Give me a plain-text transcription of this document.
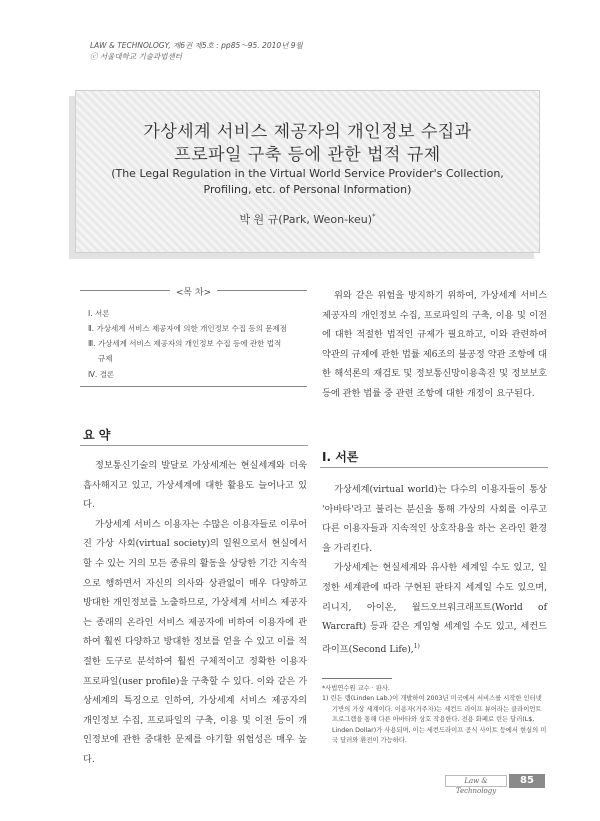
LAW & TECHNOLOGY, 제6권 제5호 : pp85～95. 2010년 9월
ⓒ 서울대학교 기술과법센터
가상세계 서비스 제공자의 개인정보 수집과
프로파일 구축 등에 관한 법적 규제
(The Legal Regulation in the Virtual World Service Provider's Collection,
Profiling, etc. of Personal Information)
박 원 규(Park, Weon-keu)*
<목 차>
Ⅰ. 서론
Ⅱ. 가상세계 서비스 제공자에 의한 개인정보 수집 등의 문제점
Ⅲ. 가상세계 서비스 제공자의 개인정보 수집 등에 관한 법적
규제
Ⅳ. 결론
요 약

정보통신기술의 발달로 가상세계는 현실세계와 더욱 흡사해지고 있고, 가상세계에 대한 활용도 늘어나고 있다.

가상세계 서비스 이용자는 수많은 이용자들로 이루어진 가상 사회(virtual society)의 일원으로서 현실에서 할 수 있는 거의 모든 종류의 활동을 상당한 기간 지속적으로 행하면서 자신의 의사와 상관없이 매우 다양하고 방대한 개인정보를 노출하므로, 가상세계 서비스 제공자는 종래의 온라인 서비스 제공자에 비하여 이용자에 관하여 훨씬 다양하고 방대한 정보를 얻을 수 있고 이를 적절한 도구로 분석하여 훨씬 구체적이고 정확한 이용자 프로파일(user profile)을 구축할 수 있다. 이와 같은 가상세계의 특징으로 인하여, 가상세계 서비스 제공자의 개인정보 수집, 프로파일의 구축, 이용 및 이전 등이 개인정보에 관한 중대한 문제를 야기할 위험성은 매우 높다.

위와 같은 위험을 방지하기 위하여, 가상세계 서비스 제공자의 개인정보 수집, 프로파일의 구축, 이용 및 이전에 대한 적절한 법적인 규제가 필요하고, 이와 관련하여 약관의 규제에 관한 법률 제6조의 불공정 약관 조항에 대한 해석론의 재검토 및 정보통신망이용촉진 및 정보보호 등에 관한 법률 중 관련 조항에 대한 개정이 요구된다.

Ⅰ. 서론

가상세계(virtual world)는 다수의 이용자들이 통상 '아바타'라고 불리는 분신을 통해 가상의 사회를 이루고 다른 이용자들과 지속적인 상호작용을 하는 온라인 환경을 가리킨다.

가상세계는 현실세계와 유사한 세계일 수도 있고, 일정한 세계관에 따라 구현된 판타지 세계일 수도 있으며, 리니지, 아이온, 월드오브워크래프트(World of Warcraft) 등과 같은 게임형 세계일 수도 있고, 세컨드라이프(Second Life),$^{1)}$

*사법연수원 교수 · 판사.
1) 린든 랩(Linden Lab.)이 개발하여 2003년 미국에서 서비스를 시작한 인터넷 기반의 가상 세계이다. 이용자(거주자)는 세컨드 라이프 뷰어라는 클라이언트 프로그램을 통해 다른 아바타와 상호 작용한다. 전용 화폐로 린든 달러(L$, Linden Dollar)가 사용되며, 이는 세컨드라이프 공식 사이트 등에서 현실의 미국 달러와 환전이 가능하다.
Law & Technology
85
